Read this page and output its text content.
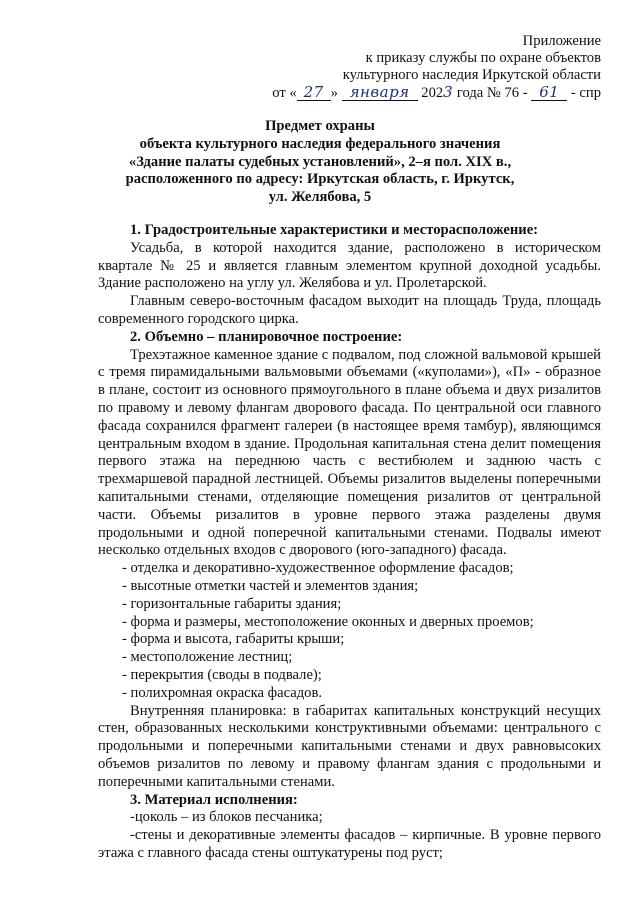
Приложение
к приказу службы по охране объектов
культурного наследия Иркутской области
от « 27 » января 2023 года № 76 - 61 - спр
Предмет охраны
объекта культурного наследия федерального значения
«Здание палаты судебных установлений», 2–я пол. XIX в.,
расположенного по адресу: Иркутская область, г. Иркутск,
ул. Желябова, 5

1. Градостроительные характеристики и месторасположение:

Усадьба, в которой находится здание, расположено в историческом квартале № 25 и является главным элементом крупной доходной усадьбы. Здание расположено на углу ул. Желябова и ул. Пролетарской.

Главным северо-восточным фасадом выходит на площадь Труда, площадь современного городского цирка.

2. Объемно – планировочное построение:

Трехэтажное каменное здание с подвалом, под сложной вальмовой крышей с тремя пирамидальными вальмовыми объемами («куполами»), «П» - образное в плане, состоит из основного прямоугольного в плане объема и двух ризалитов по правому и левому флангам дворового фасада. По центральной оси главного фасада сохранился фрагмент галереи (в настоящее время тамбур), являющимся центральным входом в здание. Продольная капитальная стена делит помещения первого этажа на переднюю часть с вестибюлем и заднюю часть с трехмаршевой парадной лестницей. Объемы ризалитов выделены поперечными капитальными стенами, отделяющие помещения ризалитов от центральной части. Объемы ризалитов в уровне первого этажа разделены двумя продольными и одной поперечной капитальными стенами. Подвалы имеют несколько отдельных входов с дворового (юго-западного) фасада.

- отделка и декоративно-художественное оформление фасадов;
- высотные отметки частей и элементов здания;
- горизонтальные габариты здания;
- форма и размеры, местоположение оконных и дверных проемов;
- форма и высота, габариты крыши;
- местоположение лестниц;
- перекрытия (своды в подвале);
- полихромная окраска фасадов.

Внутренняя планировка: в габаритах капитальных конструкций несущих стен, образованных несколькими конструктивными объемами: центрального с продольными и поперечными капитальными стенами и двух равновысоких объемов ризалитов по левому и правому флангам здания с продольными и поперечными капитальными стенами.

3. Материал исполнения:

-цоколь – из блоков песчаника;

-стены и декоративные элементы фасадов – кирпичные. В уровне первого этажа с главного фасада стены оштукатурены под руст;
